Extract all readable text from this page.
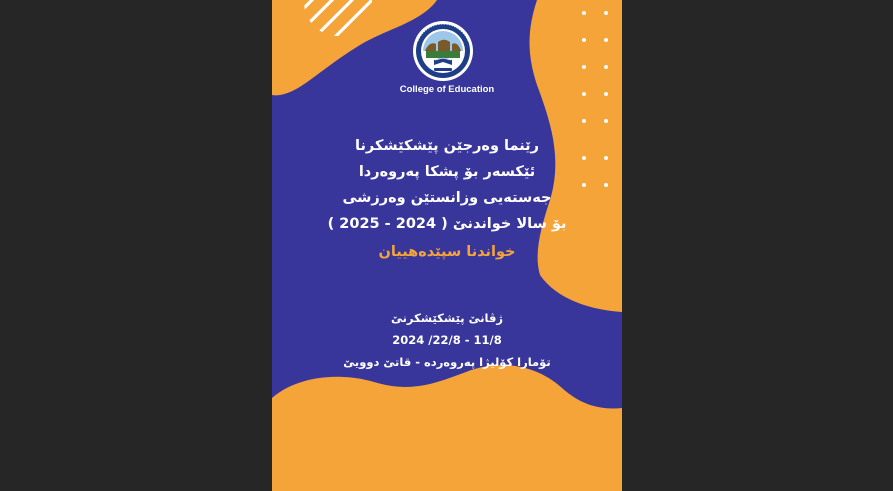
College of Education
رێنما وەرجێن پێشکێشکرنا
ئێکسەر بۆ پشکا پەروەردا
جەستەیی وزانستێن وەرزشی
بۆ سالا خواندنێ ( 2024 - 2025 )
خواندنا سپێدەهییان
ژڤانێ پێشکێشکرنێ
2024 /22/8 - 11/8
تۆمارا کۆلیژا پەروەردە - قاتێ دوویێ
